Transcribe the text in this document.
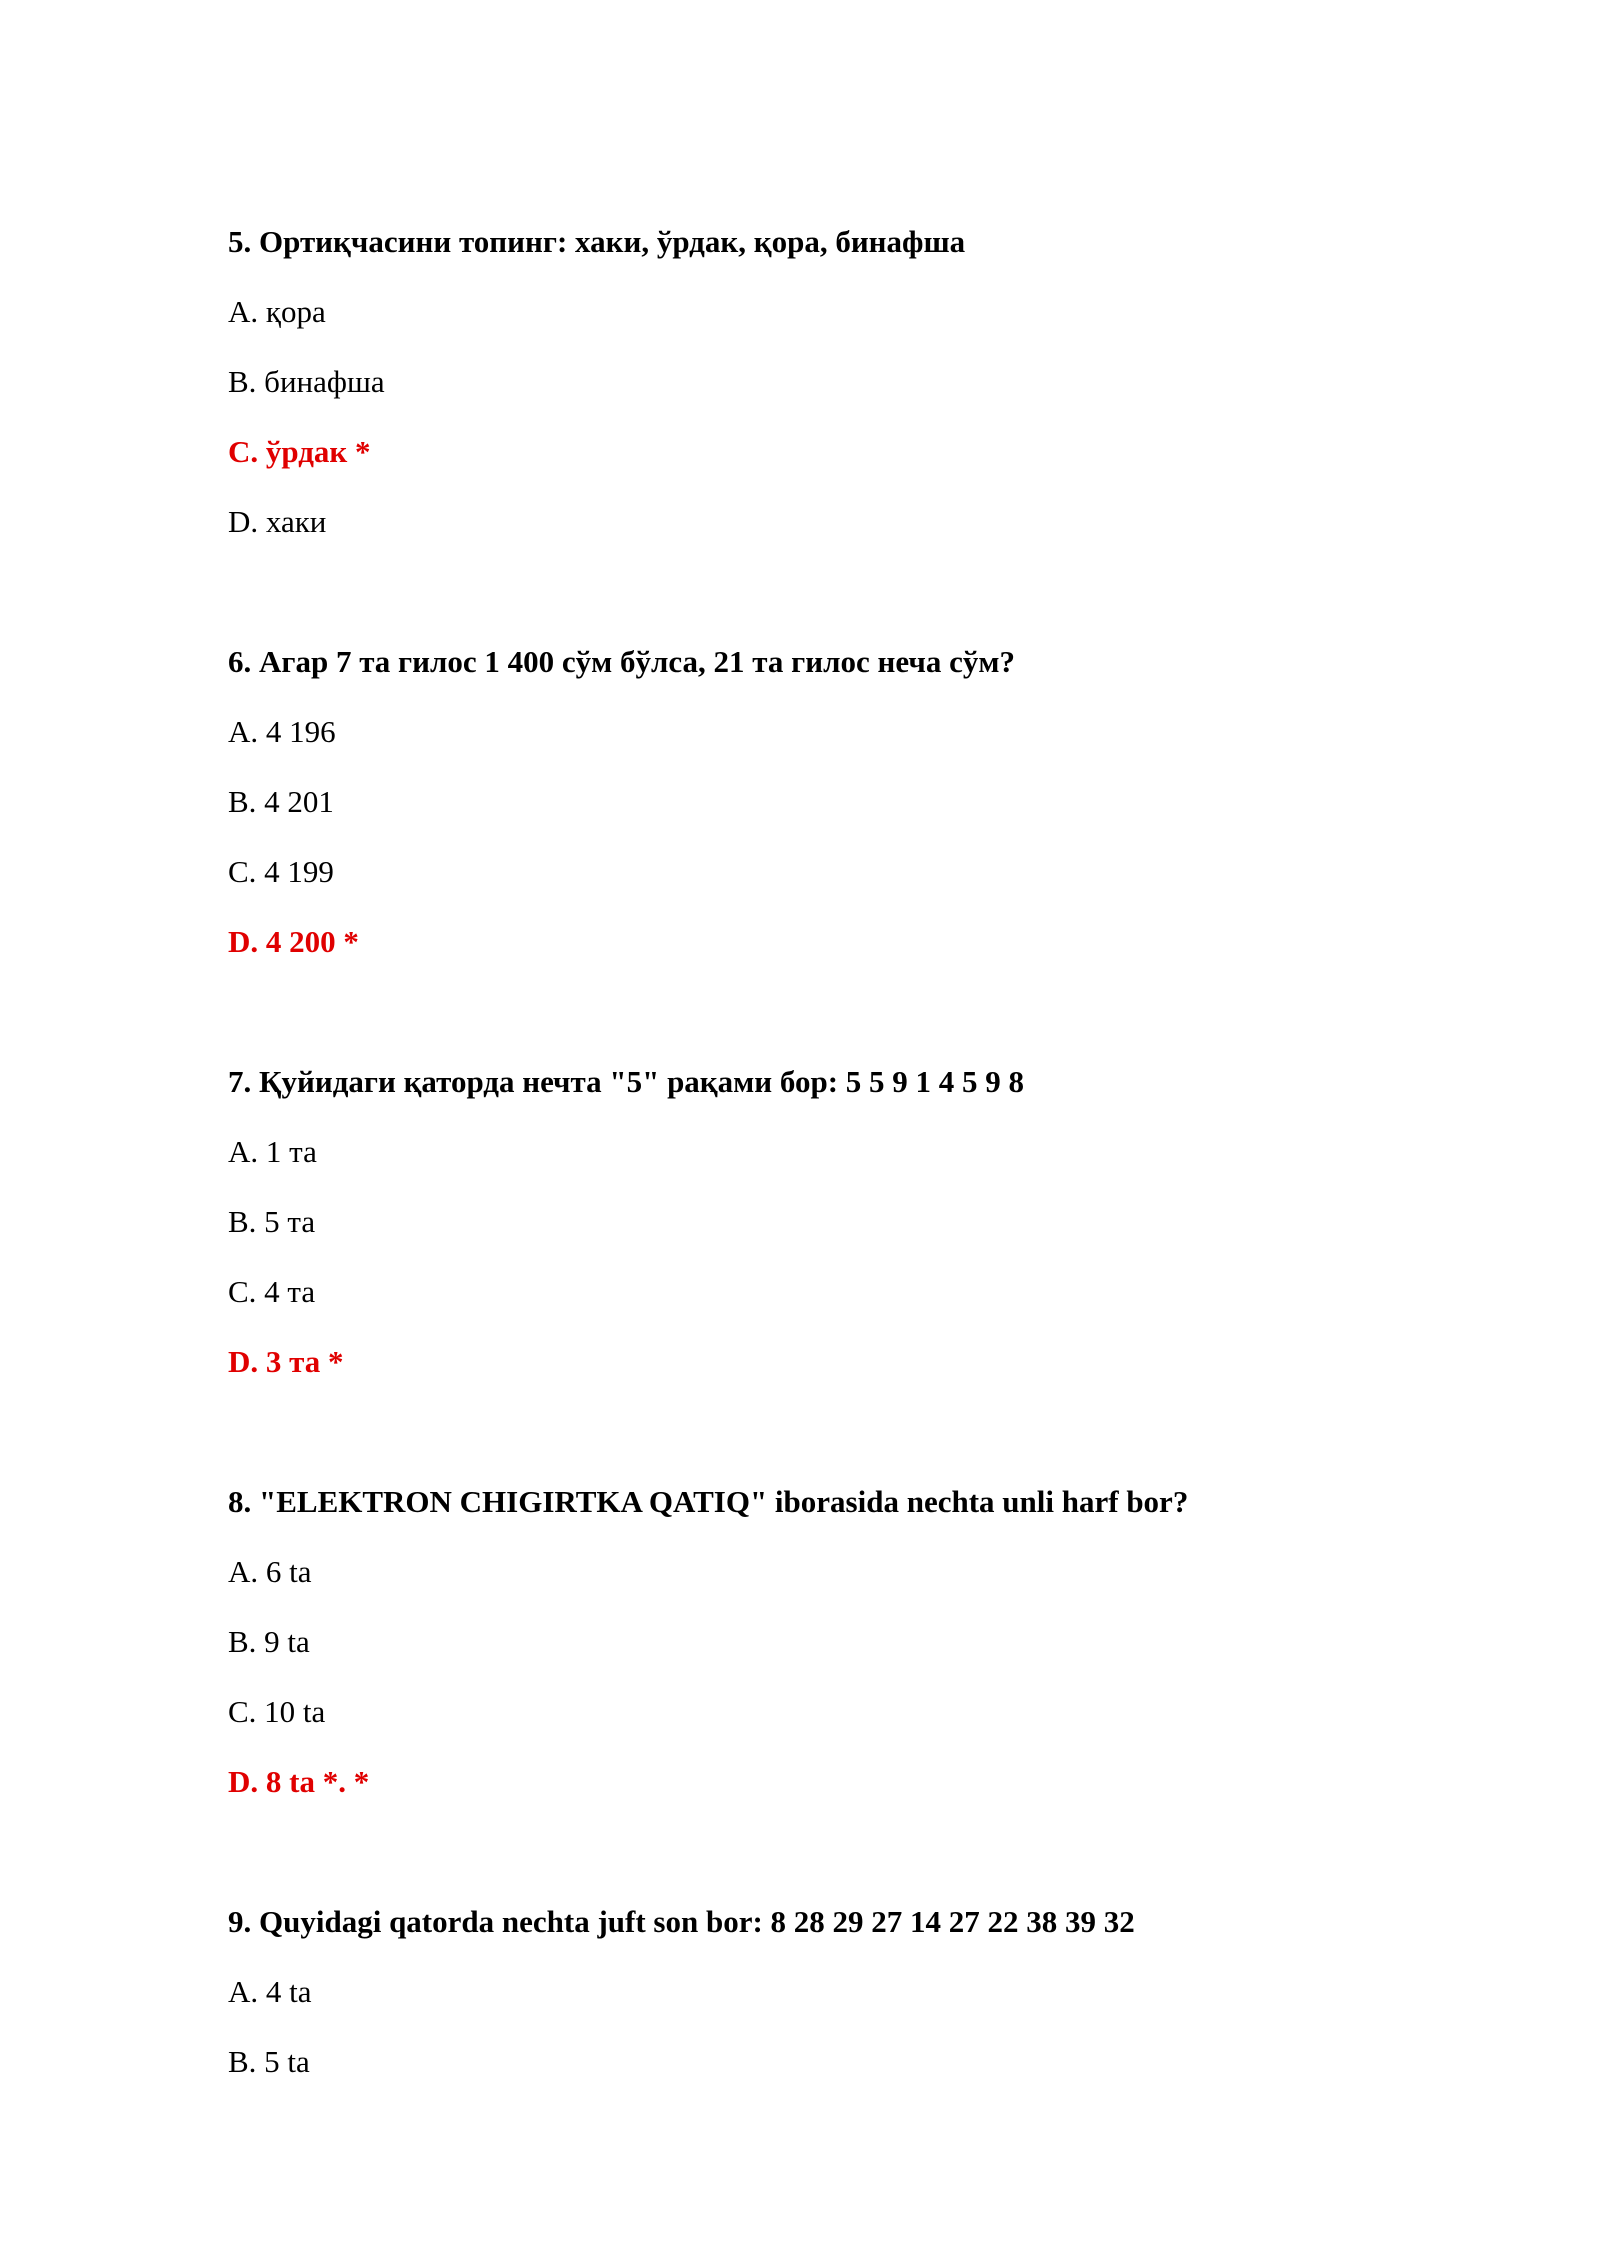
5. Ортиқчасини топинг: хаки, ўрдак, қора, бинафша

A. қора
B. бинафша
C. ўрдак *
D. хаки

6. Агар 7 та гилос 1 400 сўм бўлса, 21 та гилос неча сўм?

A. 4 196
B. 4 201
C. 4 199
D. 4 200 *

7. Қуйидаги қаторда нечта "5" рақами бор: 5 5 9 1 4 5 9 8

A. 1 та
B. 5 та
C. 4 та
D. 3 та *

8. "ELEKTRON CHIGIRTKA QATIQ" iborasida nechta unli harf bor?

A. 6 ta
B. 9 ta
C. 10 ta
D. 8 ta *. *

9. Quyidagi qatorda nechta juft son bor: 8 28 29 27 14 27 22 38 39 32

A. 4 ta
B. 5 ta
